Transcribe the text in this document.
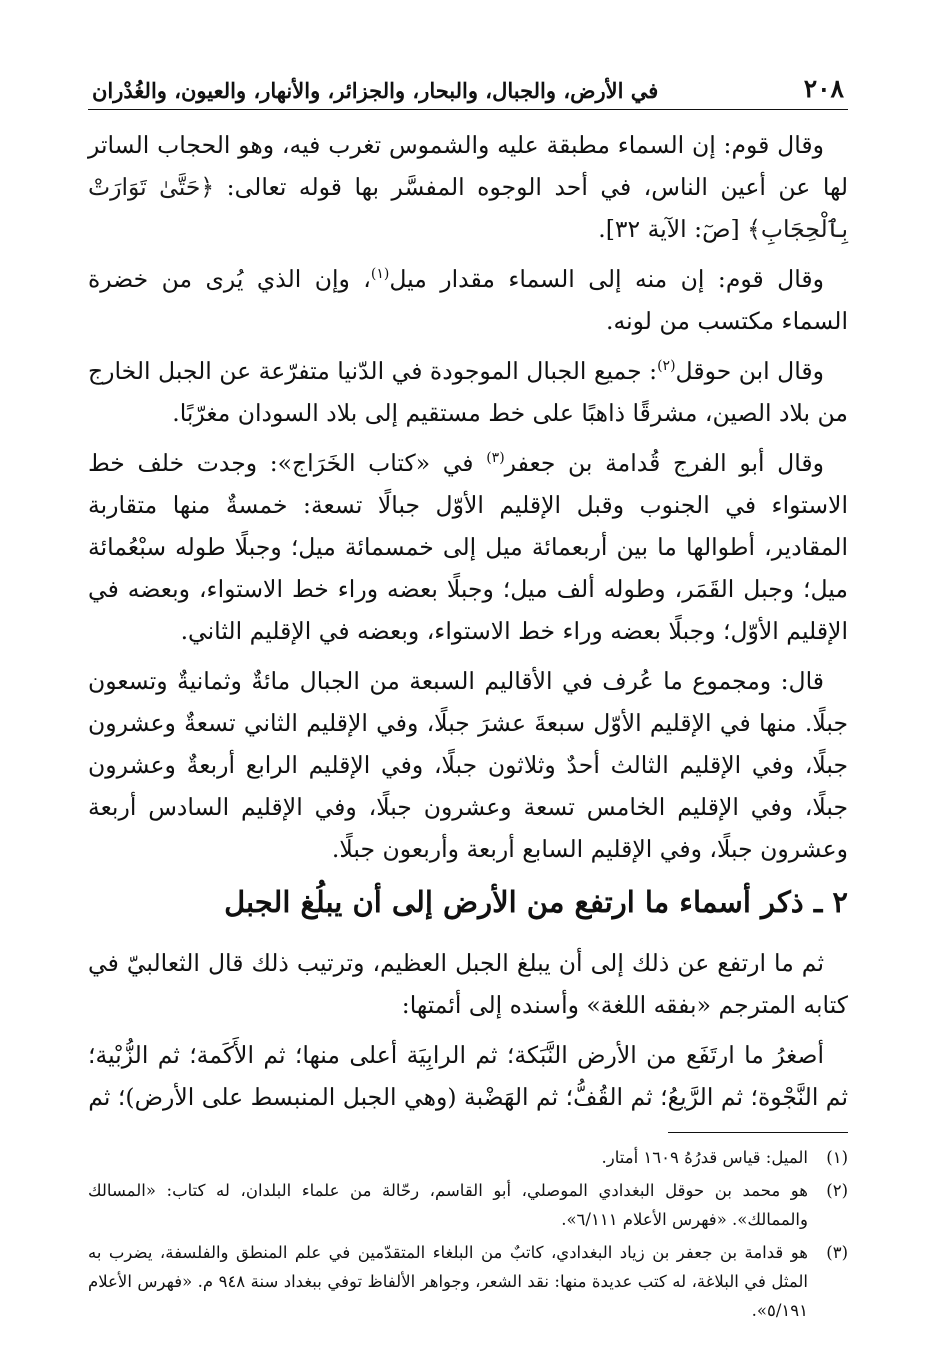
٢٠٨
في الأرض، والجبال، والبحار، والجزائر، والأنهار، والعيون، والغُدْران

وقال قوم: إن السماء مطبقة عليه والشموس تغرب فيه، وهو الحجاب الساتر لها عن أعين الناس، في أحد الوجوه المفسَّر بها قوله تعالى: ﴿حَتَّىٰ تَوَارَتْ بِٱلْحِجَابِ﴾ [صٓ: الآية ٣٢].

وقال قوم: إن منه إلى السماء مقدار ميل$^{(١)}$، وإن الذي يُرى من خضرة السماء مكتسب من لونه.

وقال ابن حوقل$^{(٢)}$: جميع الجبال الموجودة في الدّنيا متفرّعة عن الجبل الخارج من بلاد الصين، مشرقًا ذاهبًا على خط مستقيم إلى بلاد السودان مغرّبًا.

وقال أبو الفرج قُدامة بن جعفر$^{(٣)}$ في «كتاب الخَرَاج»: وجدت خلف خط الاستواء في الجنوب وقبل الإقليم الأوّل جبالًا تسعة: خمسةٌ منها متقاربة المقادير، أطوالها ما بين أربعمائة ميل إلى خمسمائة ميل؛ وجبلًا طوله سبْعُمائة ميل؛ وجبل القَمَر، وطوله ألف ميل؛ وجبلًا بعضه وراء خط الاستواء، وبعضه في الإقليم الأوّل؛ وجبلًا بعضه وراء خط الاستواء، وبعضه في الإقليم الثاني.

قال: ومجموع ما عُرف في الأقاليم السبعة من الجبال مائةٌ وثمانيةٌ وتسعون جبلًا. منها في الإقليم الأوّل سبعةَ عشرَ جبلًا، وفي الإقليم الثاني تسعةٌ وعشرون جبلًا، وفي الإقليم الثالث أحدٌ وثلاثون جبلًا، وفي الإقليم الرابع أربعةٌ وعشرون جبلًا، وفي الإقليم الخامس تسعة وعشرون جبلًا، وفي الإقليم السادس أربعة وعشرون جبلًا، وفي الإقليم السابع أربعة وأربعون جبلًا.

٢ ـ ذكر أسماء ما ارتفع من الأرض إلى أن يبلُغ الجبل

ثم ما ارتفع عن ذلك إلى أن يبلغ الجبل العظيم، وترتيب ذلك قال الثعالبيّ في كتابه المترجم «بفقه اللغة» وأسنده إلى أئمتها:

أصغرُ ما ارتَفَع من الأرض النَّبَكة؛ ثم الرابِيَة أعلى منها؛ ثم الأَكَمة؛ ثم الزُّبْية؛ ثم النَّجْوة؛ ثم الرَّيعُ؛ ثم القُفُّ؛ ثم الهَضْبة (وهي الجبل المنبسط على الأرض)؛ ثم

(١)
الميل: قياس قدرُهُ ١٦٠٩ أمتار.
(٢)
هو محمد بن حوقل البغدادي الموصلي، أبو القاسم، رحّالة من علماء البلدان، له كتاب: «المسالك والممالك». «فهرس الأعلام ٦/١١١».
(٣)
هو قدامة بن جعفر بن زياد البغدادي، كاتبٌ من البلغاء المتقدّمين في علم المنطق والفلسفة، يضرب به المثل في البلاغة، له كتب عديدة منها: نقد الشعر، وجواهر الألفاظ توفي ببغداد سنة ٩٤٨ م. «فهرس الأعلام ٥/١٩١».
